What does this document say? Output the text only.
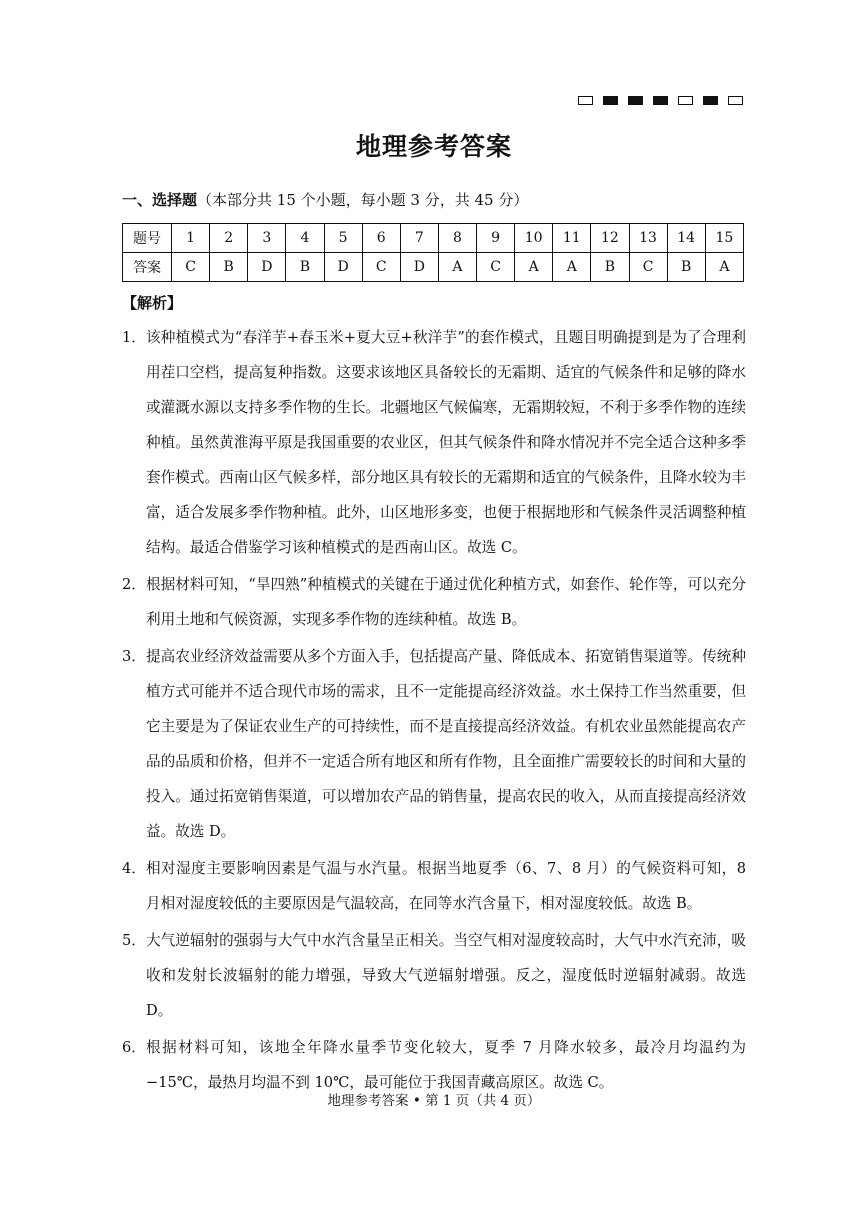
地理参考答案
一、选择题（本部分共 15 个小题，每小题 3 分，共 45 分）
题号	1	2	3	4	5	6	7	8	9	10	11	12	13	14	15
答案	C	B	D	B	D	C	D	A	C	A	A	B	C	B	A
【解析】
1． 该种植模式为“春洋芋+春玉米+夏大豆+秋洋芋”的套作模式，且题目明确提到是为了合理利用茬口空档，提高复种指数。这要求该地区具备较长的无霜期、适宜的气候条件和足够的降水或灌溉水源以支持多季作物的生长。北疆地区气候偏寒，无霜期较短，不利于多季作物的连续种植。虽然黄淮海平原是我国重要的农业区，但其气候条件和降水情况并不完全适合这种多季套作模式。西南山区气候多样，部分地区具有较长的无霜期和适宜的气候条件，且降水较为丰富，适合发展多季作物种植。此外，山区地形多变，也便于根据地形和气候条件灵活调整种植结构。最适合借鉴学习该种植模式的是西南山区。故选 C。
2． 根据材料可知，“旱四熟”种植模式的关键在于通过优化种植方式，如套作、轮作等，可以充分利用土地和气候资源，实现多季作物的连续种植。故选 B。
3． 提高农业经济效益需要从多个方面入手，包括提高产量、降低成本、拓宽销售渠道等。传统种植方式可能并不适合现代市场的需求，且不一定能提高经济效益。水土保持工作当然重要，但它主要是为了保证农业生产的可持续性，而不是直接提高经济效益。有机农业虽然能提高农产品的品质和价格，但并不一定适合所有地区和所有作物，且全面推广需要较长的时间和大量的投入。通过拓宽销售渠道，可以增加农产品的销售量，提高农民的收入，从而直接提高经济效益。故选 D。
4． 相对湿度主要影响因素是气温与水汽量。根据当地夏季（6、7、8 月）的气候资料可知，8 月相对湿度较低的主要原因是气温较高，在同等水汽含量下，相对湿度较低。故选 B。
5． 大气逆辐射的强弱与大气中水汽含量呈正相关。当空气相对湿度较高时，大气中水汽充沛，吸收和发射长波辐射的能力增强，导致大气逆辐射增强。反之，湿度低时逆辐射减弱。故选 D。
6． 根据材料可知，该地全年降水量季节变化较大，夏季 7 月降水较多，最冷月均温约为−15℃，最热月均温不到 10℃，最可能位于我国青藏高原区。故选 C。
地理参考答案 • 第 1 页（共 4 页）
